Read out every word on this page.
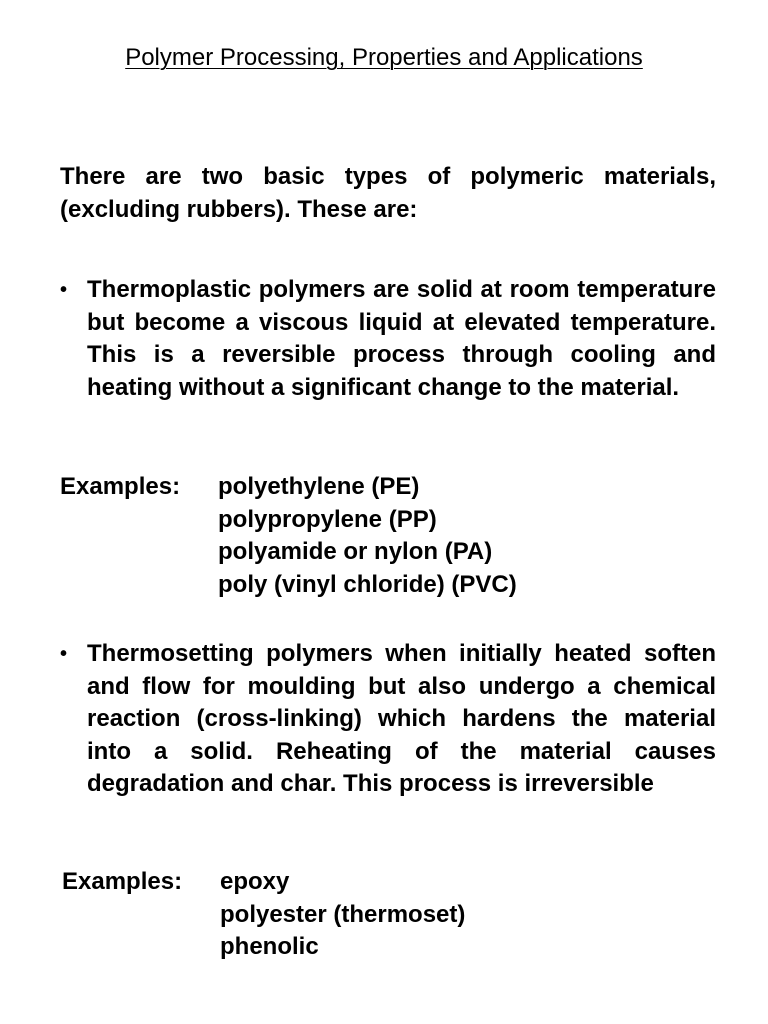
Polymer Processing, Properties and Applications

There are two basic types of polymeric materials, (excluding rubbers). These are:

• Thermoplastic polymers are solid at room temperature but become a viscous liquid at elevated temperature. This is a reversible process through cooling and heating without a significant change to the material.
Examples: polyethylene (PE)
polypropylene (PP)
polyamide or nylon (PA)
poly (vinyl chloride) (PVC)
• Thermosetting polymers when initially heated soften and flow for moulding but also undergo a chemical reaction (cross-linking) which hardens the material into a solid. Reheating of the material causes degradation and char. This process is irreversible
Examples: epoxy
polyester (thermoset)
phenolic
